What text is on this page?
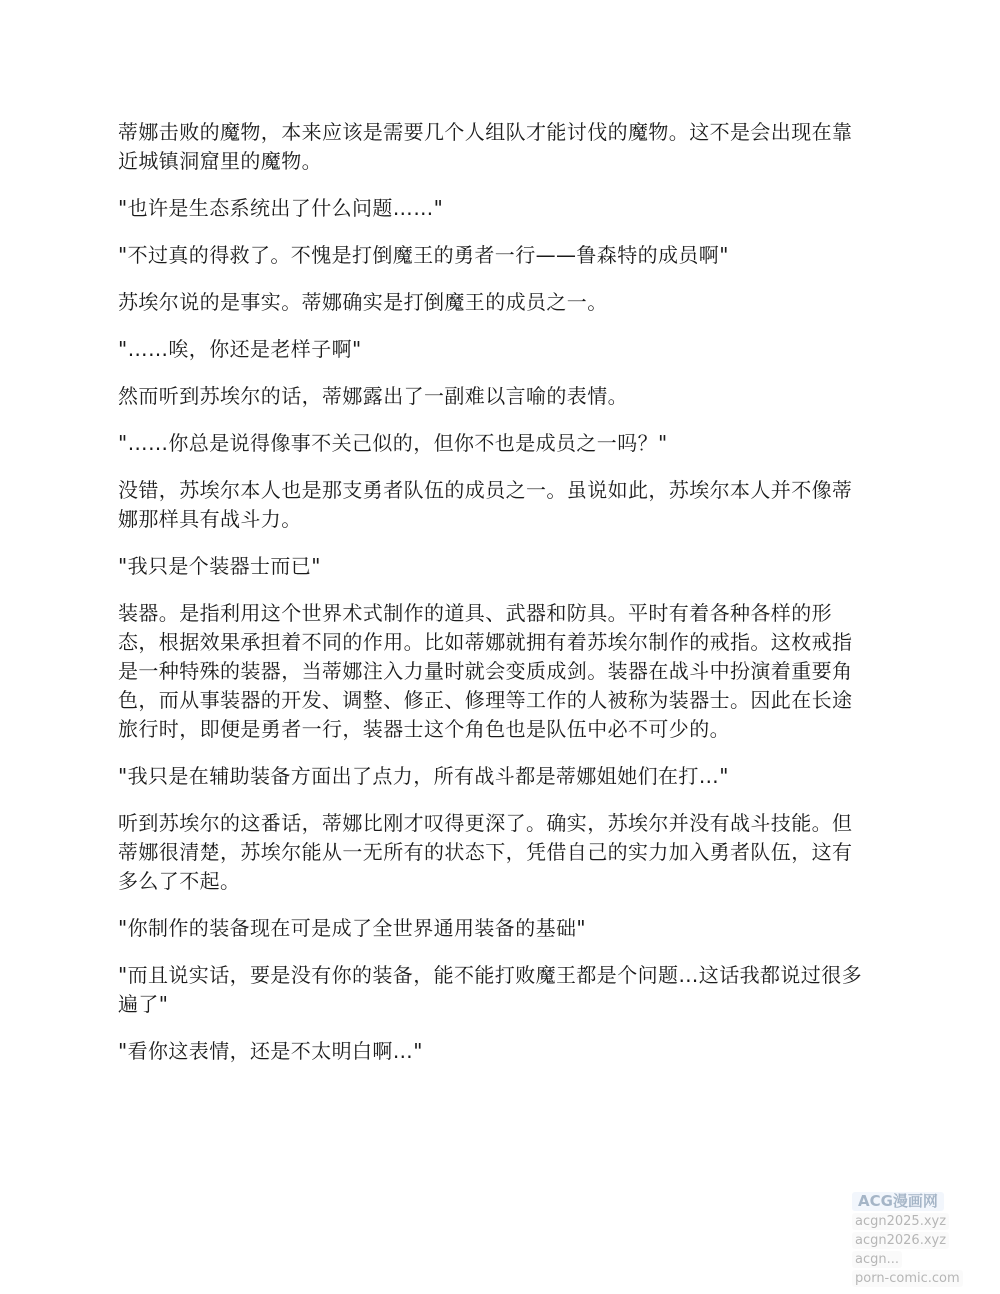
蒂娜击败的魔物，本来应该是需要几个人组队才能讨伐的魔物。这不是会出现在靠近城镇洞窟里的魔物。

"也许是生态系统出了什么问题……"

"不过真的得救了。不愧是打倒魔王的勇者一行——鲁森特的成员啊"

苏埃尔说的是事实。蒂娜确实是打倒魔王的成员之一。

"……唉，你还是老样子啊"

然而听到苏埃尔的话，蒂娜露出了一副难以言喻的表情。

"……你总是说得像事不关己似的，但你不也是成员之一吗？"

没错，苏埃尔本人也是那支勇者队伍的成员之一。虽说如此，苏埃尔本人并不像蒂娜那样具有战斗力。

"我只是个装器士而已"

装器。是指利用这个世界术式制作的道具、武器和防具。平时有着各种各样的形态，根据效果承担着不同的作用。比如蒂娜就拥有着苏埃尔制作的戒指。这枚戒指是一种特殊的装器，当蒂娜注入力量时就会变质成剑。装器在战斗中扮演着重要角色，而从事装器的开发、调整、修正、修理等工作的人被称为装器士。因此在长途旅行时，即便是勇者一行，装器士这个角色也是队伍中必不可少的。

"我只是在辅助装备方面出了点力，所有战斗都是蒂娜姐她们在打…"

听到苏埃尔的这番话，蒂娜比刚才叹得更深了。确实，苏埃尔并没有战斗技能。但蒂娜很清楚，苏埃尔能从一无所有的状态下，凭借自己的实力加入勇者队伍，这有多么了不起。

"你制作的装备现在可是成了全世界通用装备的基础"

"而且说实话，要是没有你的装备，能不能打败魔王都是个问题…这话我都说过很多遍了"

"看你这表情，还是不太明白啊…"

ACG漫画网
acgn2025.xyz
acgn2026.xyz
acgn...
porn-comic.com
